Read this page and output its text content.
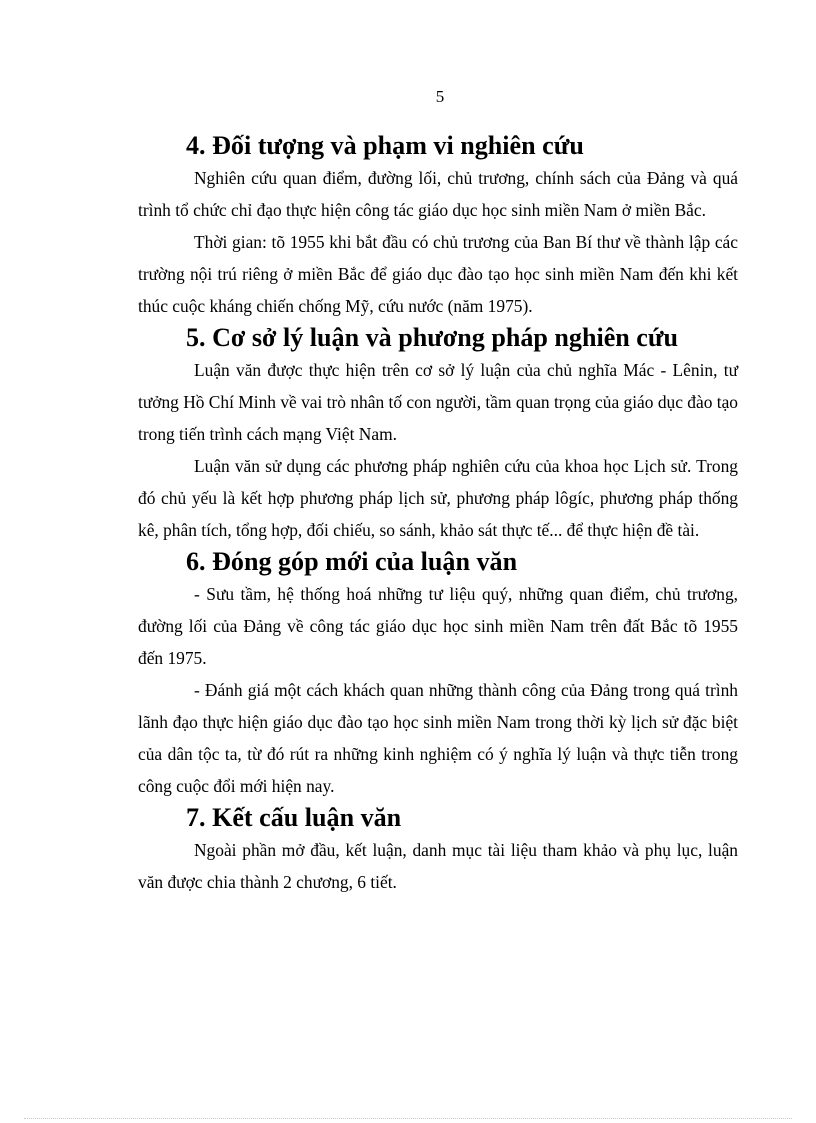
5
4. Đối tượng và phạm vi nghiên cứu

Nghiên cứu quan điểm, đường lối, chủ trương, chính sách của Đảng và quá trình tổ chức chỉ đạo thực hiện công tác giáo dục học sinh miền Nam ở miền Bắc.

Thời gian: tõ 1955 khi bắt đầu có chủ trương của Ban Bí thư về thành lập các trường nội trú riêng ở miền Bắc để giáo dục đào tạo học sinh miền Nam đến khi kết thúc cuộc kháng chiến chống Mỹ, cứu nước (năm 1975).

5. Cơ sở lý luận và phương pháp nghiên cứu

Luận văn được thực hiện trên cơ sở lý luận của chủ nghĩa Mác - Lênin, tư tưởng Hồ Chí Minh về vai trò nhân tố con người, tầm quan trọng của giáo dục đào tạo trong tiến trình cách mạng Việt Nam.

Luận văn sử dụng các phương pháp nghiên cứu của khoa học Lịch sử. Trong đó chủ yếu là kết hợp phương pháp lịch sử, phương pháp lôgíc, phương pháp thống kê, phân tích, tổng hợp, đối chiếu, so sánh, khảo sát thực tế... để thực hiện đề tài.

6. Đóng góp mới của luận văn

- Sưu tầm, hệ thống hoá những tư liệu quý, những quan điểm, chủ trương, đường lối của Đảng về công tác giáo dục học sinh miền Nam trên đất Bắc tõ 1955 đến 1975.

- Đánh giá một cách khách quan những thành công của Đảng trong quá trình lãnh đạo thực hiện giáo dục đào tạo học sinh miền Nam trong thời kỳ lịch sử đặc biệt của dân tộc ta, từ đó rút ra những kinh nghiệm có ý nghĩa lý luận và thực tiễn trong công cuộc đổi mới hiện nay.

7. Kết cấu luận văn

Ngoài phần mở đầu, kết luận, danh mục tài liệu tham khảo và phụ lục, luận văn được chia thành 2 chương, 6 tiết.
